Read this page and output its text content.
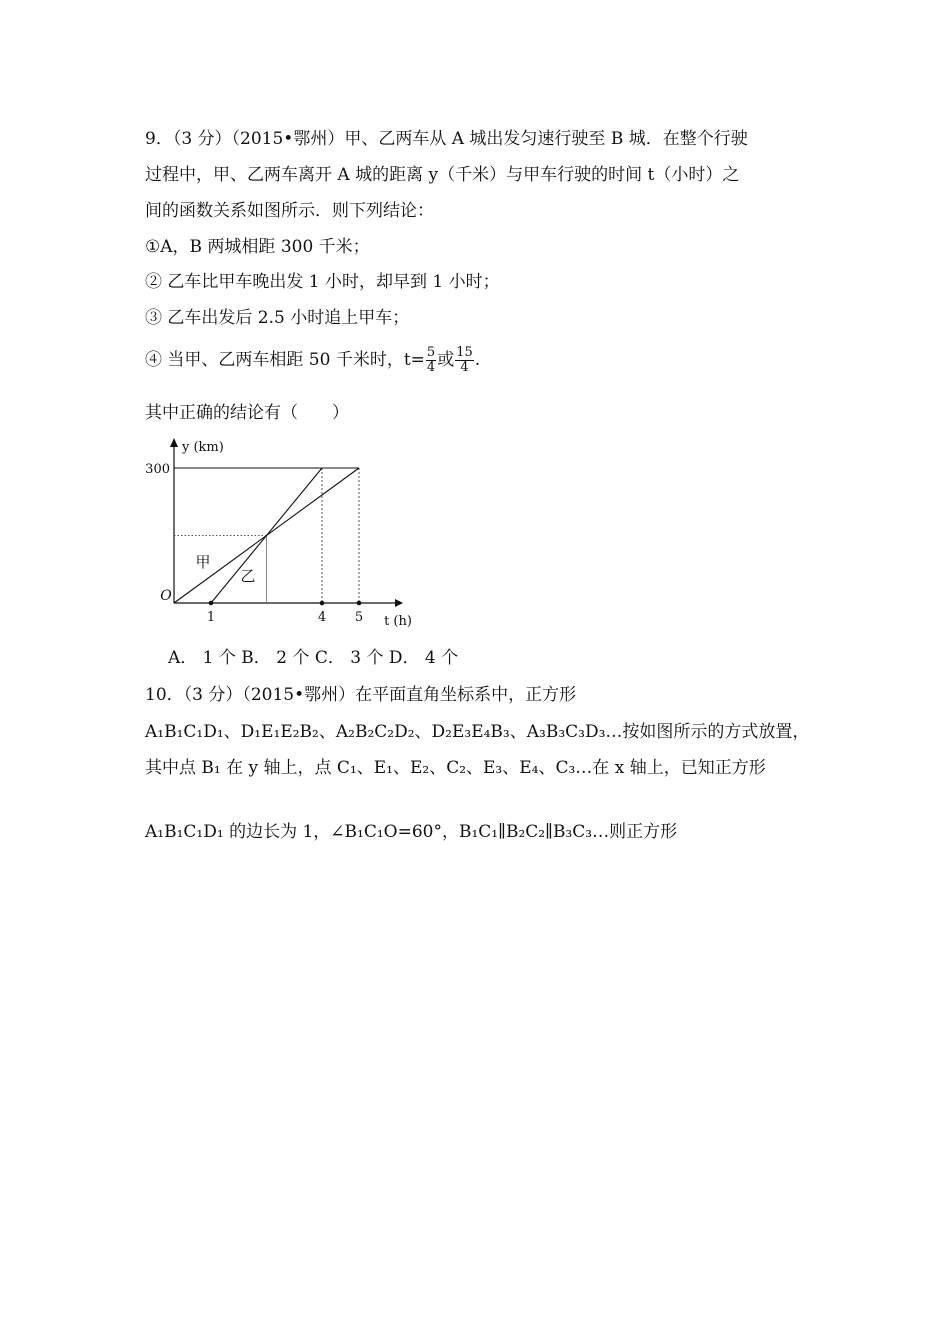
9．（3 分）（2015•鄂州）甲、乙两车从 A 城出发匀速行驶至 B 城．在整个行驶
过程中，甲、乙两车离开 A 城的距离 y（千米）与甲车行驶的时间 t（小时）之
间的函数关系如图所示．则下列结论：
①A，B 两城相距 300 千米；
② 乙车比甲车晚出发 1 小时，却早到 1 小时；
③ 乙车出发后 2.5 小时追上甲车；
④ 当甲、乙两车相距 50 千米时，$t= \frac{5}{4}$ 或 $\frac{15}{4}$ .
其中正确的结论有（　　）
1	4 5
300
O
y (km)
t (h)
甲
乙
A． 1 个 B． 2 个 C． 3 个 D． 4 个
10．（3 分）（2015•鄂州）在平面直角坐标系中，正方形
A₁B₁C₁D₁、D₁E₁E₂B₂、A₂B₂C₂D₂、D₂E₃E₄B₃、A₃B₃C₃D₃…按如图所示的方式放置，
其中点 B₁ 在 y 轴上，点 C₁、E₁、E₂、C₂、E₃、E₄、C₃…在 x 轴上，已知正方形
A₁B₁C₁D₁ 的边长为 1，∠B₁C₁O=60°，B₁C₁∥B₂C₂∥B₃C₃…则正方形
